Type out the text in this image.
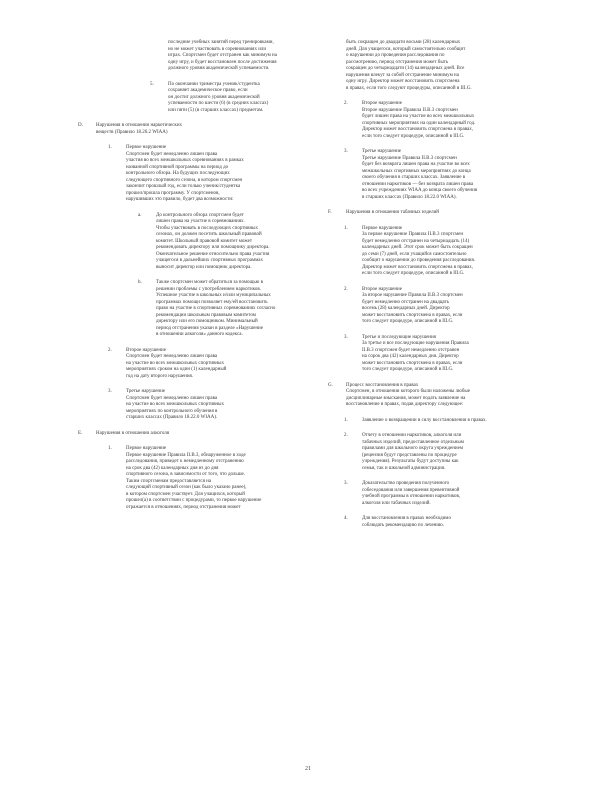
последние учебных занятий перед тренировками,

но не может участвовать в соревнованиях или

играх. Спортсмен будет отстранен как минимум на

одну игру, и будет восстановлен после достижения

должного уровня академической успеваемости.

5.	По окончании триместра ученик/студентка

сохраняет академическое право, если

он достиг должного уровня академической

успеваемости по шести (6) (в средних классах)

или пяти (5) (в старших классах) предметам.

D.	Нарушения в отношении наркотических

веществ (Правило 18.26.2 WIAA)

1.	Первое нарушение

Спортсмен будет немедленно лишен права

участия во всех межшкольных соревнованиях в рамках

названной спортивной программы на период до

контрольного обзора. На будущих последующих

следующего спортивного сезона, в котором спортсмен

закончит прошлый год, если только ученик/студентка

прошел/прошла программу. У спортсменов,

нарушивших это правило, будет два возможности:

a.	До контрольного обзора спортсмен будет

лишен права на участие в соревнованиях.

Чтобы участвовать в последующих спортивных

сезонах, он должен посетить школьный правовой

комитет. Школьный правовой комитет может

рекомендовать директору или помощнику директора.

Окончательное решение относительно права участия

учащегося в дальнейших спортивных программах

выносит директор или помощник директора.

b.	Также спортсмен может обратиться за помощью в

решении проблемы с употреблением наркотиков.

Успешное участие в школьных и/или муниципальных

программах помощи позволяет ему/ей восстановить

право на участие в спортивных соревнованиях согласно

рекомендации школьным правовым комитетом

директору или его помощником. Минимальный

период отстранения указан в разделе «Нарушение

в отношении алкоголя» данного кодекса.

2.	Второе нарушение

Спортсмен будет немедленно лишен права

на участие во всех межшкольных спортивных

мероприятиях сроком на один (1) календарный

год на дату второго нарушения.

3.	Третье нарушение

Спортсмен будет немедленно лишен права

на участие во всех межшкольных спортивных

мероприятиях по контрольного обучения в

старших классах (Правило 18.22.0 WIAA).

E.	Нарушения в отношении алкоголя

1.	Первое нарушение

Первое нарушение Правила II.В.3, обнаруженное в ходе

расследования, приведет к немедленному отстранению

на срок два (42) календарных дня из до дня

спортивного сезона, в зависимости от того, что дольше.

Таким спортсменам предоставляется на

следующий спортивный сезон (как было указано ранее),

в котором спортсмен участвует. Для учащихся, который

прошел(а) в соответствии с процедурами, то первое нарушение

отражается в отношениях, период отстранения может

быть сокращен до двадцати восьми (28) календарных

дней. Для учащегося, который самостоятельно сообщит

о нарушении до проведения расследования по

рассмотрению, период отстранения может быть

сокращен до четырнадцати (14) календарных дней. Все

нарушения влекут за собой отстранение минимум на

одну игру. Директор может восстановить спортсмена

в правах, если того следуют процедуры, описанной в III.G.

2.	Второе нарушение

Второе нарушение Правила II.В.3 спортсмен

будет лишен права на участие во всех межшкольных

спортивных мероприятиях на один календарный год.

Директор может восстановить спортсмена в правах,

если того следует процедуре, описанной в III.G.

3.	Третье нарушение

Третье нарушение Правила II.В.3 спортсмен

будет без возврата лишен права на участие во всех

межшкольных спортивных мероприятиях до конца

своего обучения в старших классах. Заявление в

отношении наркотиков — без возврата лишен права

во всех учреждениях WIAA до конца своего обучения

в старших классах (Правило 18.22.0 WIAA).

F.	Нарушения в отношении табачных изделий

1.	Первое нарушение

За первое нарушение Правила II.В.3 спортсмен

будет немедленно отстранен на четырнадцать (14)

календарных дней. Этот срок может быть сокращен

до семи (7) дней, если учащийся самостоятельно

сообщит о нарушении до проведения расследования.

Директор может восстановить спортсмена в правах,

если того следует процедуре, описанной в III.G.

2.	Второе нарушение

За второе нарушение Правила II.В.3 спортсмен

будет немедленно отстранен на двадцать

восемь (28) календарных дней. Директор

может восстановить спортсмена в правах, если

того следует процедуре, описанной в III.G.

3.	Третье и последующие нарушения

За третье и все последующие нарушения Правила

II.В.3 спортсмен будет немедленно отстранен

на сорок два (42) календарных дня. Директор

может восстановить спортсмена в правах, если

того следует процедуре, описанной в III.G.

G.	Процесс восстановления в правах

Спортсмен, в отношении которого были наложены любые

дисциплинарные взыскания, может подать заявление на

восстановление в правах, подав директору следующее:

1.	Заявление о возвращении в силу восстановления в правах.

2.	Отчету в отношении наркотиков, алкоголя или

табачных изделий, предоставленное отдельным

правилами для школьного округа учреждением

(рецензия будут представлены по процедуре

учреждения). Результаты будут доступны как

семья, так и школьной администрации.

3.	Доказательство проведения полученного

собеседования или завершения превентивной

учебной программы в отношении наркотиков,

алкоголя или табачных изделий.

4.	Для восстановления в правах необходимо

соблюдать рекомендацию по лечению.

21
